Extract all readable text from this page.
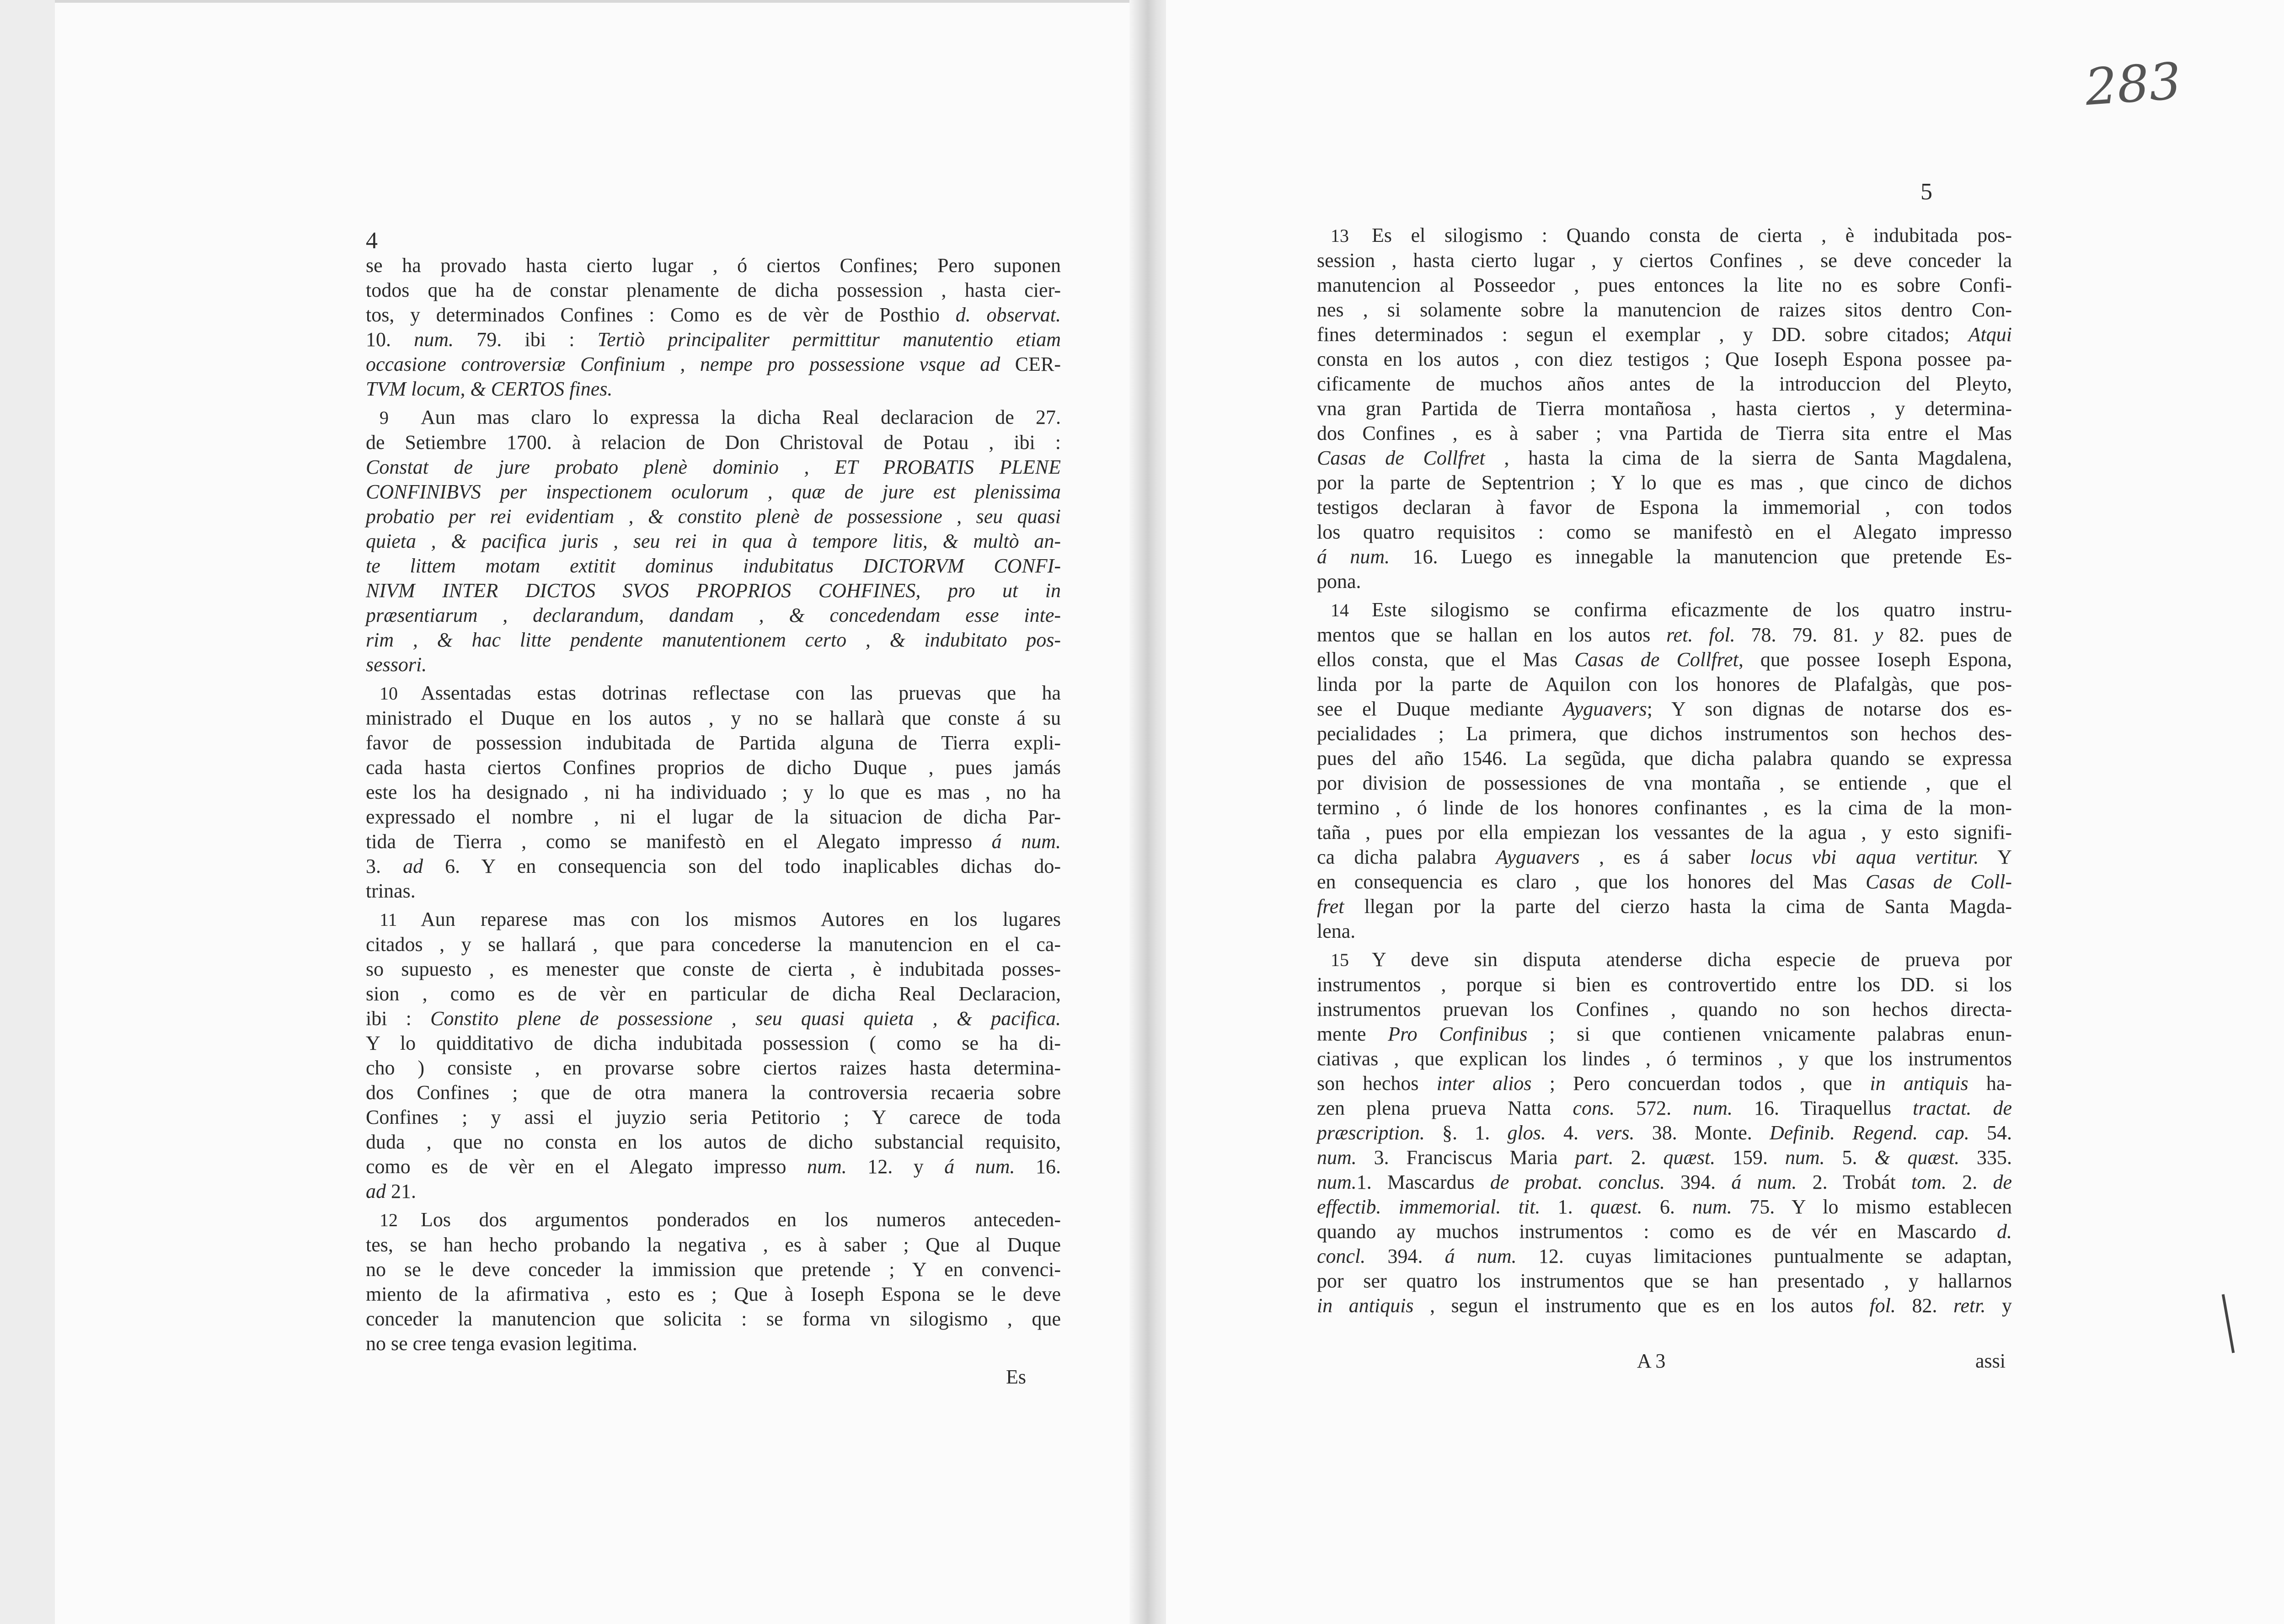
283
4
se ha provado hasta cierto lugar , ó ciertos Confines; Pero suponen
todos que ha de constar plenamente de dicha possession , hasta cier-
tos, y determinados Confines : Como es de vèr de Posthio d. observat.
10. num. 79. ibi : Tertiò principaliter permittitur manutentio etiam
occasione controversiæ Confinium , nempe pro possessione vsque ad CER-
TVM locum, & CERTOS fines.
9 Aun mas claro lo expressa la dicha Real declaracion de 27.
de Setiembre 1700. à relacion de Don Christoval de Potau , ibi :
Constat de jure probato plenè dominio , ET PROBATIS PLENE
CONFINIBVS per inspectionem oculorum , quæ de jure est plenissima
probatio per rei evidentiam , & constito plenè de possessione , seu quasi
quieta , & pacifica juris , seu rei in qua à tempore litis, & multò an-
te littem motam extitit dominus indubitatus DICTORVM CONFI-
NIVM INTER DICTOS SVOS PROPRIOS COHFINES, pro ut in
præsentiarum , declarandum, dandam , & concedendam esse inte-
rim , & hac litte pendente manutentionem certo , & indubitato pos-
sessori.
10 Assentadas estas dotrinas reflectase con las pruevas que ha
ministrado el Duque en los autos , y no se hallarà que conste á su
favor de possession indubitada de Partida alguna de Tierra expli-
cada hasta ciertos Confines proprios de dicho Duque , pues jamás
este los ha designado , ni ha individuado ; y lo que es mas , no ha
expressado el nombre , ni el lugar de la situacion de dicha Par-
tida de Tierra , como se manifestò en el Alegato impresso á num.
3. ad 6. Y en consequencia son del todo inaplicables dichas do-
trinas.
11 Aun reparese mas con los mismos Autores en los lugares
citados , y se hallará , que para concederse la manutencion en el ca-
so supuesto , es menester que conste de cierta , è indubitada posses-
sion , como es de vèr en particular de dicha Real Declaracion,
ibi : Constito plene de possessione , seu quasi quieta , & pacifica.
Y lo quidditativo de dicha indubitada possession ( como se ha di-
cho ) consiste , en provarse sobre ciertos raizes hasta determina-
dos Confines ; que de otra manera la controversia recaeria sobre
Confines ; y assi el juyzio seria Petitorio ; Y carece de toda
duda , que no consta en los autos de dicho substancial requisito,
como es de vèr en el Alegato impresso num. 12. y á num. 16.
ad 21.
12 Los dos argumentos ponderados en los numeros anteceden-
tes, se han hecho probando la negativa , es à saber ; Que al Duque
no se le deve conceder la immission que pretende ; Y en convenci-
miento de la afirmativa , esto es ; Que à Ioseph Espona se le deve
conceder la manutencion que solicita : se forma vn silogismo , que
no se cree tenga evasion legitima.
Es
5
13 Es el silogismo : Quando consta de cierta , è indubitada pos-
session , hasta cierto lugar , y ciertos Confines , se deve conceder la
manutencion al Posseedor , pues entonces la lite no es sobre Confi-
nes , si solamente sobre la manutencion de raizes sitos dentro Con-
fines determinados : segun el exemplar , y DD. sobre citados; Atqui
consta en los autos , con diez testigos ; Que Ioseph Espona possee pa-
cificamente de muchos años antes de la introduccion del Pleyto,
vna gran Partida de Tierra montañosa , hasta ciertos , y determina-
dos Confines , es à saber ; vna Partida de Tierra sita entre el Mas
Casas de Collfret , hasta la cima de la sierra de Santa Magdalena,
por la parte de Septentrion ; Y lo que es mas , que cinco de dichos
testigos declaran à favor de Espona la immemorial , con todos
los quatro requisitos : como se manifestò en el Alegato impresso
á num. 16. Luego es innegable la manutencion que pretende Es-
pona.
14 Este silogismo se confirma eficazmente de los quatro instru-
mentos que se hallan en los autos ret. fol. 78. 79. 81. y 82. pues de
ellos consta, que el Mas Casas de Collfret, que possee Ioseph Espona,
linda por la parte de Aquilon con los honores de Plafalgàs, que pos-
see el Duque mediante Ayguavers; Y son dignas de notarse dos es-
pecialidades ; La primera, que dichos instrumentos son hechos des-
pues del año 1546. La segũda, que dicha palabra quando se expressa
por division de possessiones de vna montaña , se entiende , que el
termino , ó linde de los honores confinantes , es la cima de la mon-
taña , pues por ella empiezan los vessantes de la agua , y esto signifi-
ca dicha palabra Ayguavers , es á saber locus vbi aqua vertitur. Y
en consequencia es claro , que los honores del Mas Casas de Coll-
fret llegan por la parte del cierzo hasta la cima de Santa Magda-
lena.
15 Y deve sin disputa atenderse dicha especie de prueva por
instrumentos , porque si bien es controvertido entre los DD. si los
instrumentos pruevan los Confines , quando no son hechos directa-
mente Pro Confinibus ; si que contienen vnicamente palabras enun-
ciativas , que explican los lindes , ó terminos , y que los instrumentos
son hechos inter alios ; Pero concuerdan todos , que in antiquis ha-
zen plena prueva Natta cons. 572. num. 16. Tiraquellus tractat. de
præscription. §. 1. glos. 4. vers. 38. Monte. Definib. Regend. cap. 54.
num. 3. Franciscus Maria part. 2. quæst. 159. num. 5. & quæst. 335.
num.1. Mascardus de probat. conclus. 394. á num. 2. Trobát tom. 2. de
effectib. immemorial. tit. 1. quæst. 6. num. 75. Y lo mismo establecen
quando ay muchos instrumentos : como es de vér en Mascardo d.
concl. 394. á num. 12. cuyas limitaciones puntualmente se adaptan,
por ser quatro los instrumentos que se han presentado , y hallarnos
in antiquis , segun el instrumento que es en los autos fol. 82. retr. y
A 3	assi
